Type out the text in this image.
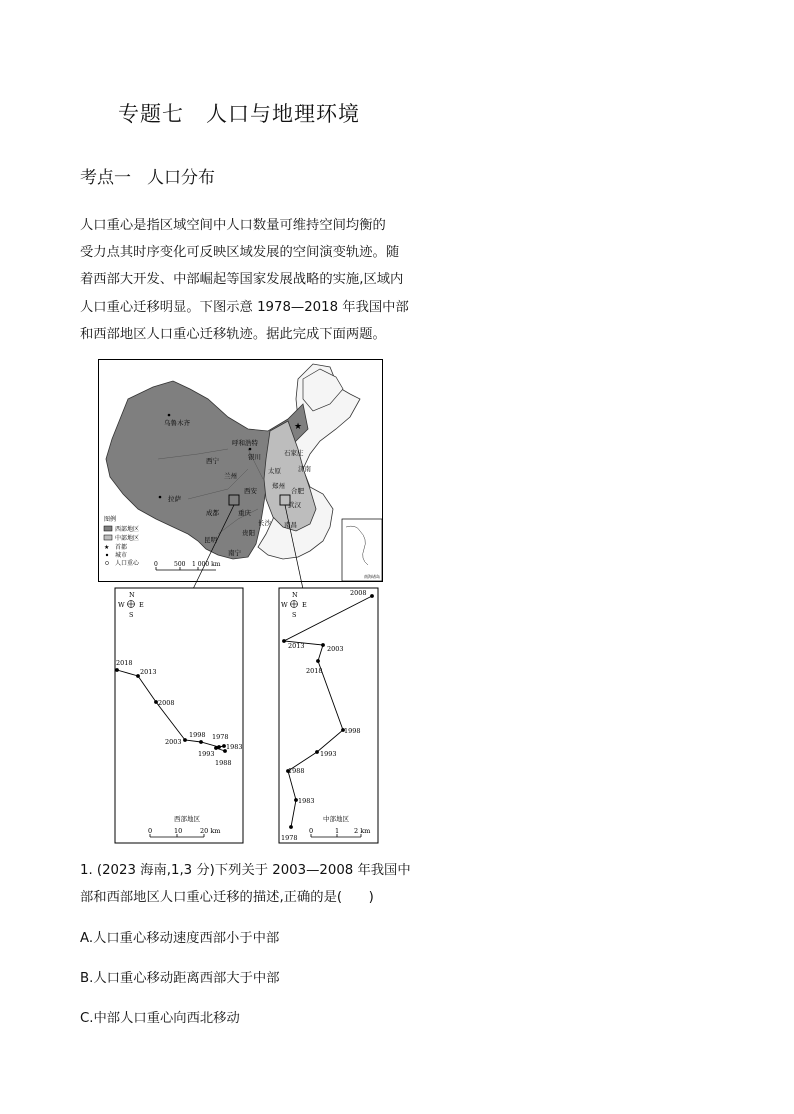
专题七 人口与地理环境
考点一 人口分布
人口重心是指区域空间中人口数量可维持空间均衡的
受力点其时序变化可反映区域发展的空间演变轨迹。随
着西部大开发、中部崛起等国家发展战略的实施,区域内
人口重心迁移明显。下图示意 1978—2018 年我国中部
和西部地区人口重心迁移轨迹。据此完成下面两题。
★
乌鲁木齐
呼和浩特
银川
西宁
兰州
太原
石家庄
济南
郑州
合肥
西安
武汉
成都	重庆
长沙 南昌
贵阳
昆明
南宁
拉萨
图例
西部地区
中部地区
★ 首都
城市
人口重心 0	500 1 000 km
南海诸岛
N
W E
S
2018
2013
2008
2003
1998 1978
1983
1993
1988
西部地区
0	10	20 km
N
W E
S
2008
2013	2003
2018
1998
1993
1988
1983
1978
中部地区
0	1 2 km
1. (2023 海南,1,3 分)下列关于 2003—2008 年我国中
部和西部地区人口重心迁移的描述,正确的是(　　)
A.人口重心移动速度西部小于中部
B.人口重心移动距离西部大于中部
C.中部人口重心向西北移动
